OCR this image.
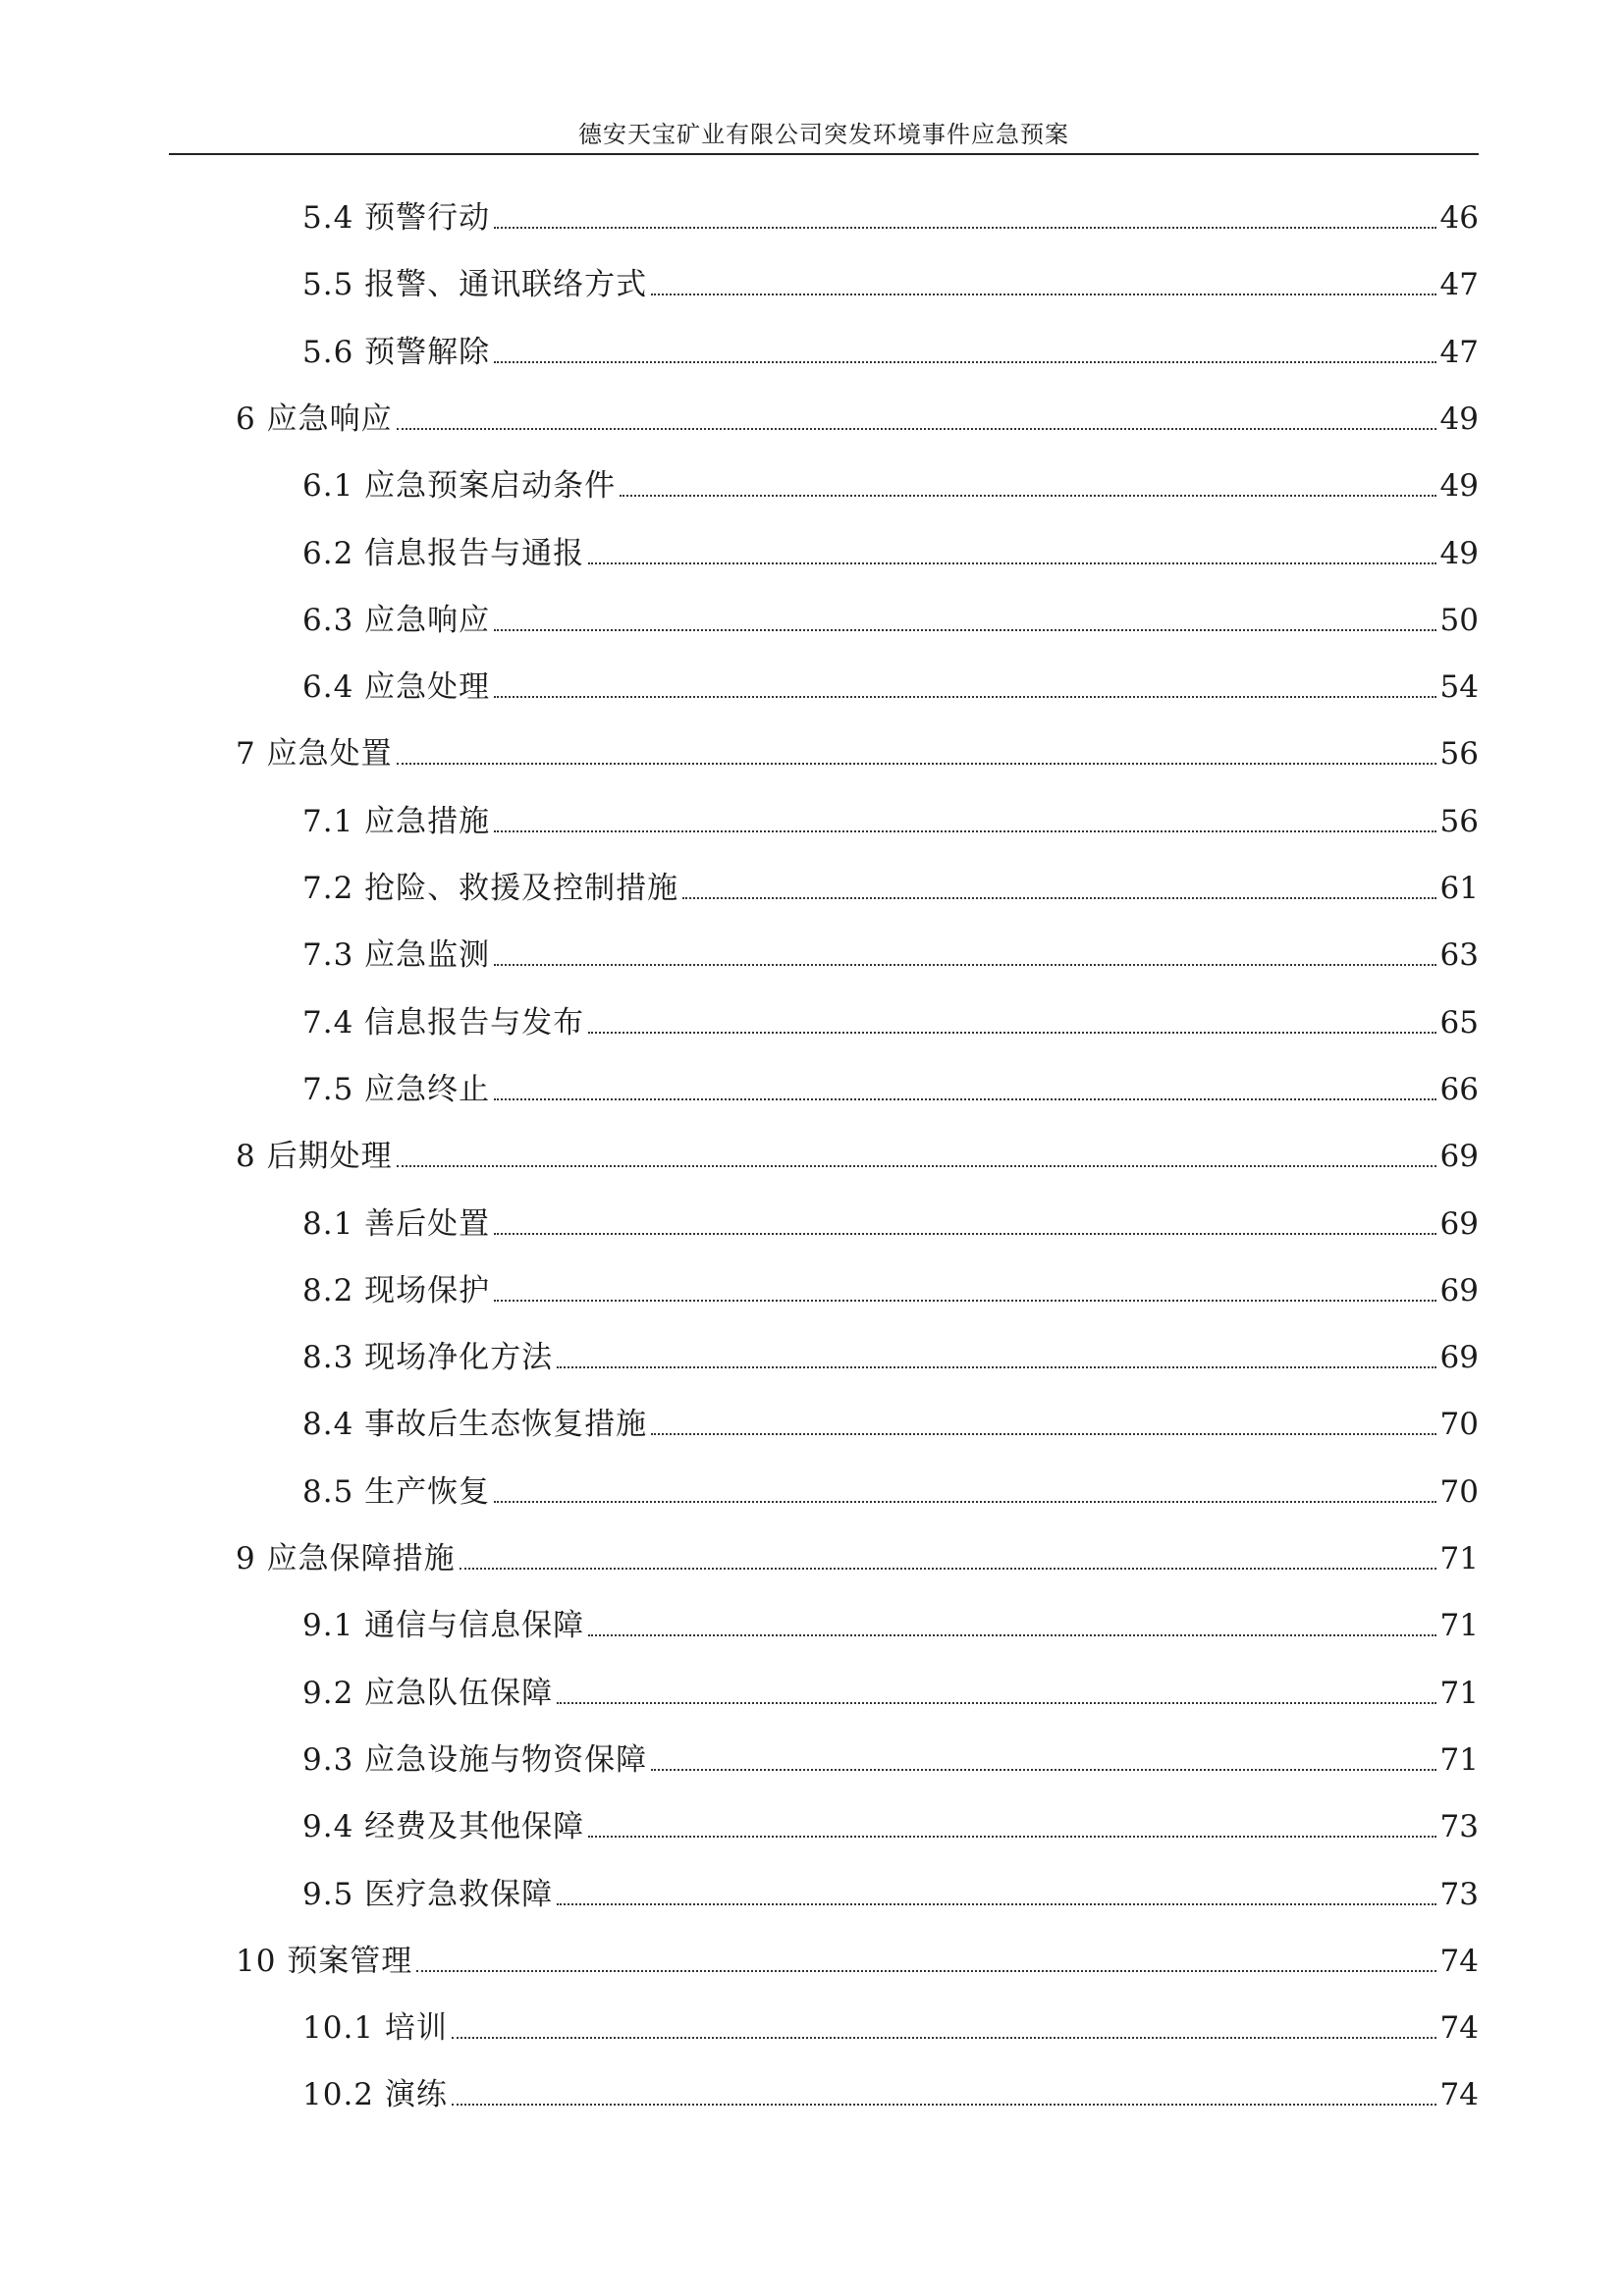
德安天宝矿业有限公司突发环境事件应急预案
5.4 预警行动	46
5.5 报警、通讯联络方式	47
5.6 预警解除	47
6 应急响应	49
6.1 应急预案启动条件	49
6.2 信息报告与通报	49
6.3 应急响应	50
6.4 应急处理	54
7 应急处置	56
7.1 应急措施	56
7.2 抢险、救援及控制措施	61
7.3 应急监测	63
7.4 信息报告与发布	65
7.5 应急终止	66
8 后期处理	69
8.1 善后处置	69
8.2 现场保护	69
8.3 现场净化方法	69
8.4 事故后生态恢复措施	70
8.5 生产恢复	70
9 应急保障措施	71
9.1 通信与信息保障	71
9.2 应急队伍保障	71
9.3 应急设施与物资保障	71
9.4 经费及其他保障	73
9.5 医疗急救保障	73
10 预案管理	74
10.1 培训	74
10.2 演练	74
